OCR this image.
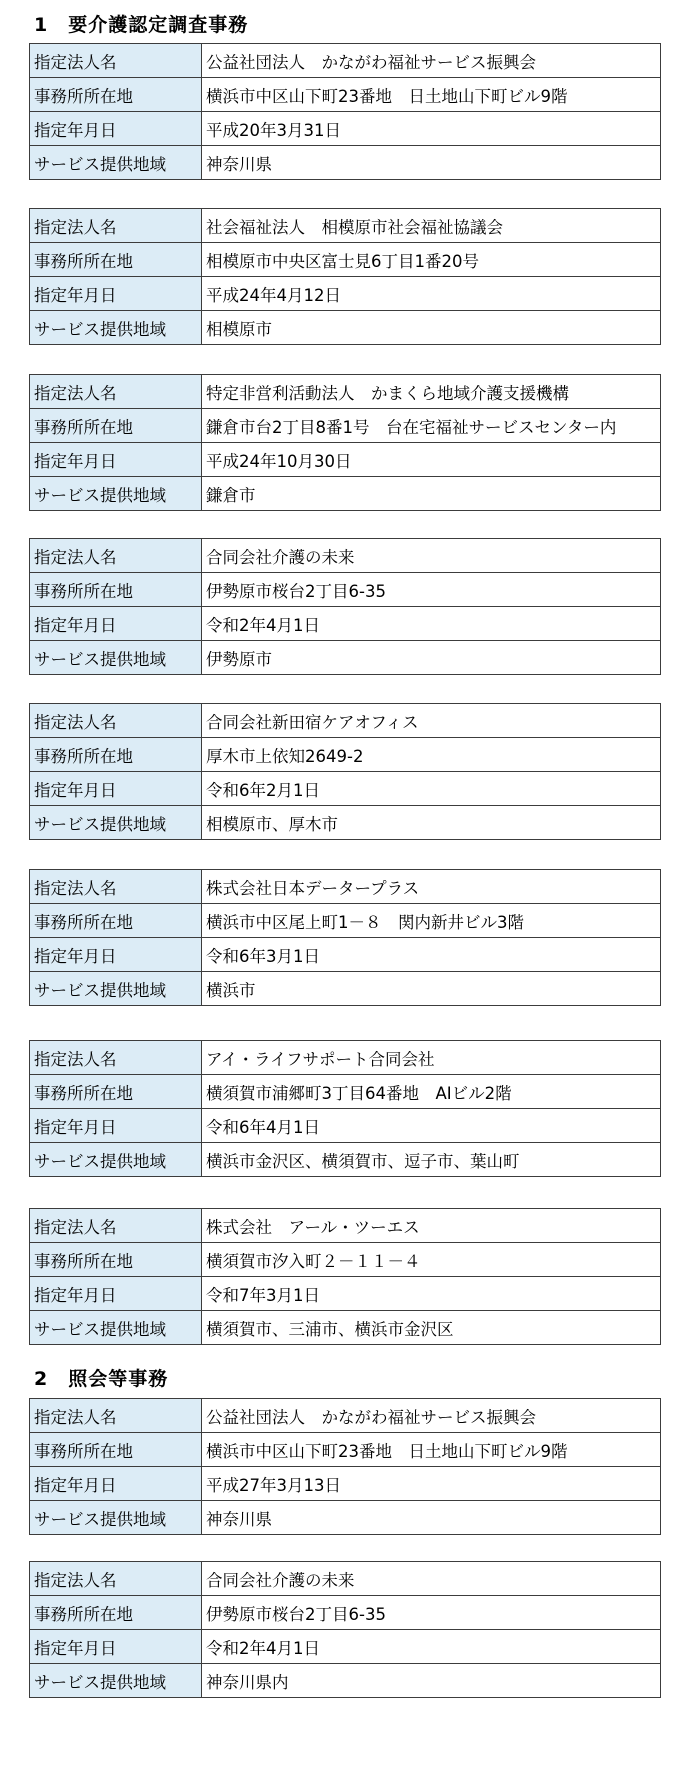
1　要介護認定調査事務
2　照会等事務
指定法人名	公益社団法人　かながわ福祉サービス振興会
事務所所在地	横浜市中区山下町23番地　日土地山下町ビル9階
指定年月日	平成20年3月31日
サービス提供地域	神奈川県
指定法人名	社会福祉法人　相模原市社会福祉協議会
事務所所在地	相模原市中央区富士見6丁目1番20号
指定年月日	平成24年4月12日
サービス提供地域	相模原市
指定法人名	特定非営利活動法人　かまくら地域介護支援機構
事務所所在地	鎌倉市台2丁目8番1号　台在宅福祉サービスセンター内
指定年月日	平成24年10月30日
サービス提供地域	鎌倉市
指定法人名	合同会社介護の未来
事務所所在地	伊勢原市桜台2丁目6-35
指定年月日	令和2年4月1日
サービス提供地域	伊勢原市
指定法人名	合同会社新田宿ケアオフィス
事務所所在地	厚木市上依知2649-2
指定年月日	令和6年2月1日
サービス提供地域	相模原市、厚木市
指定法人名	株式会社日本データープラス
事務所所在地	横浜市中区尾上町1－８　関内新井ビル3階
指定年月日	令和6年3月1日
サービス提供地域	横浜市
指定法人名	アイ・ライフサポート合同会社
事務所所在地	横須賀市浦郷町3丁目64番地　AIビル2階
指定年月日	令和6年4月1日
サービス提供地域	横浜市金沢区、横須賀市、逗子市、葉山町
指定法人名	株式会社　アール・ツーエス
事務所所在地	横須賀市汐入町２－１１－４
指定年月日	令和7年3月1日
サービス提供地域	横須賀市、三浦市、横浜市金沢区
指定法人名	公益社団法人　かながわ福祉サービス振興会
事務所所在地	横浜市中区山下町23番地　日土地山下町ビル9階
指定年月日	平成27年3月13日
サービス提供地域	神奈川県
指定法人名	合同会社介護の未来
事務所所在地	伊勢原市桜台2丁目6-35
指定年月日	令和2年4月1日
サービス提供地域	神奈川県内
